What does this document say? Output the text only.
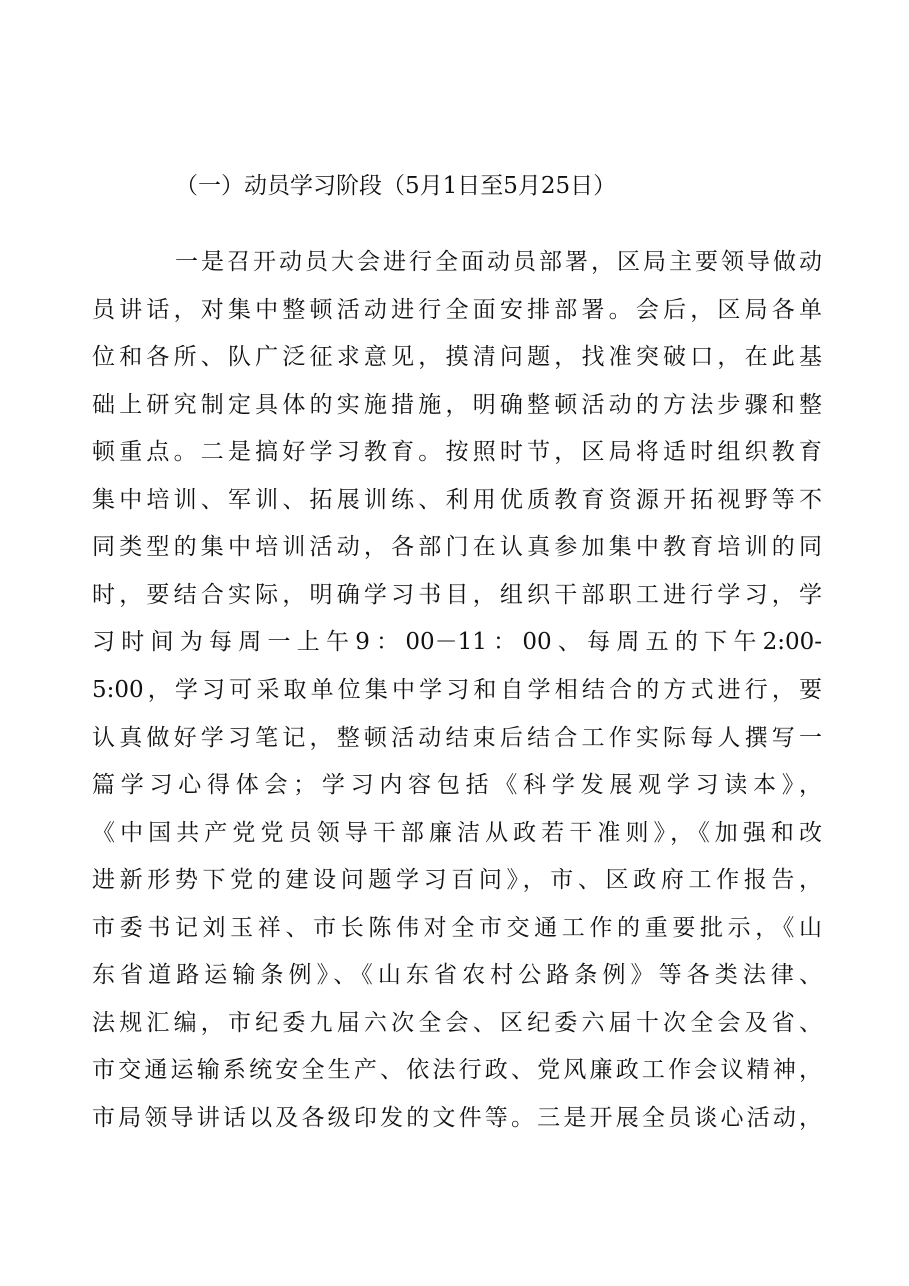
（一）动员学习阶段（5月1日至5月25日）
一是召开动员大会进行全面动员部署，区局主要领导做动
员讲话，对集中整顿活动进行全面安排部署。会后，区局各单
位和各所、队广泛征求意见，摸清问题，找准突破口，在此基
础上研究制定具体的实施措施，明确整顿活动的方法步骤和整
顿重点。二是搞好学习教育。按照时节，区局将适时组织教育
集中培训、军训、拓展训练、利用优质教育资源开拓视野等不
同类型的集中培训活动，各部门在认真参加集中教育培训的同
时，要结合实际，明确学习书目，组织干部职工进行学习，学
习时间为每周一上午9：00－11：00、每周五的下午2:00-
5:00，学习可采取单位集中学习和自学相结合的方式进行，要
认真做好学习笔记，整顿活动结束后结合工作实际每人撰写一
篇学习心得体会；学习内容包括《科学发展观学习读本》，
《中国共产党党员领导干部廉洁从政若干准则》，《加强和改
进新形势下党的建设问题学习百问》，市、区政府工作报告，
市委书记刘玉祥、市长陈伟对全市交通工作的重要批示，《山
东省道路运输条例》、《山东省农村公路条例》等各类法律、
法规汇编，市纪委九届六次全会、区纪委六届十次全会及省、
市交通运输系统安全生产、依法行政、党风廉政工作会议精神，
市局领导讲话以及各级印发的文件等。三是开展全员谈心活动，
